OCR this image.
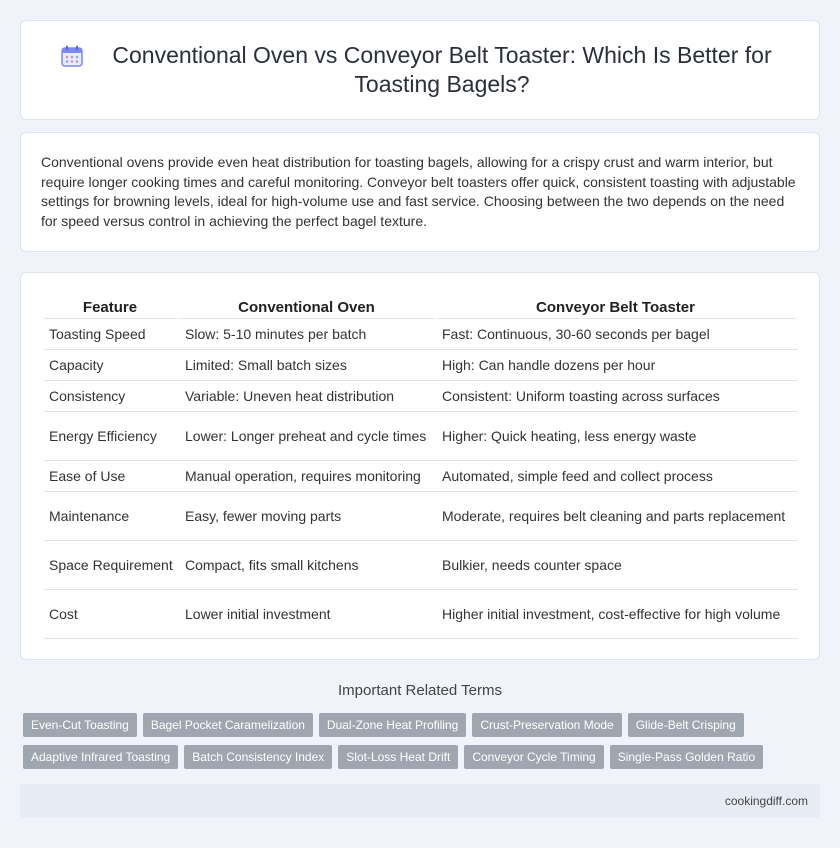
Conventional Oven vs Conveyor Belt Toaster: Which Is Better for Toasting Bagels?

Conventional ovens provide even heat distribution for toasting bagels, allowing for a crispy crust and warm interior, but require longer cooking times and careful monitoring. Conveyor belt toasters offer quick, consistent toasting with adjustable settings for browning levels, ideal for high-volume use and fast service. Choosing between the two depends on the need for speed versus control in achieving the perfect bagel texture.

Feature	Conventional Oven	Conveyor Belt Toaster
Toasting Speed	Slow: 5-10 minutes per batch	Fast: Continuous, 30-60 seconds per bagel
Capacity	Limited: Small batch sizes	High: Can handle dozens per hour
Consistency	Variable: Uneven heat distribution	Consistent: Uniform toasting across surfaces
Energy Efficiency	Lower: Longer preheat and cycle times	Higher: Quick heating, less energy waste
Ease of Use	Manual operation, requires monitoring	Automated, simple feed and collect process
Maintenance	Easy, fewer moving parts	Moderate, requires belt cleaning and parts replacement
Space Requirement	Compact, fits small kitchens	Bulkier, needs counter space
Cost	Lower initial investment	Higher initial investment, cost-effective for high volume
Important Related Terms
Even-Cut Toasting	Bagel Pocket Caramelization	Dual-Zone Heat Profiling	Crust-Preservation Mode	Glide-Belt Crisping
Adaptive Infrared Toasting	Batch Consistency Index	Slot-Loss Heat Drift	Conveyor Cycle Timing	Single-Pass Golden Ratio
cookingdiff.com
